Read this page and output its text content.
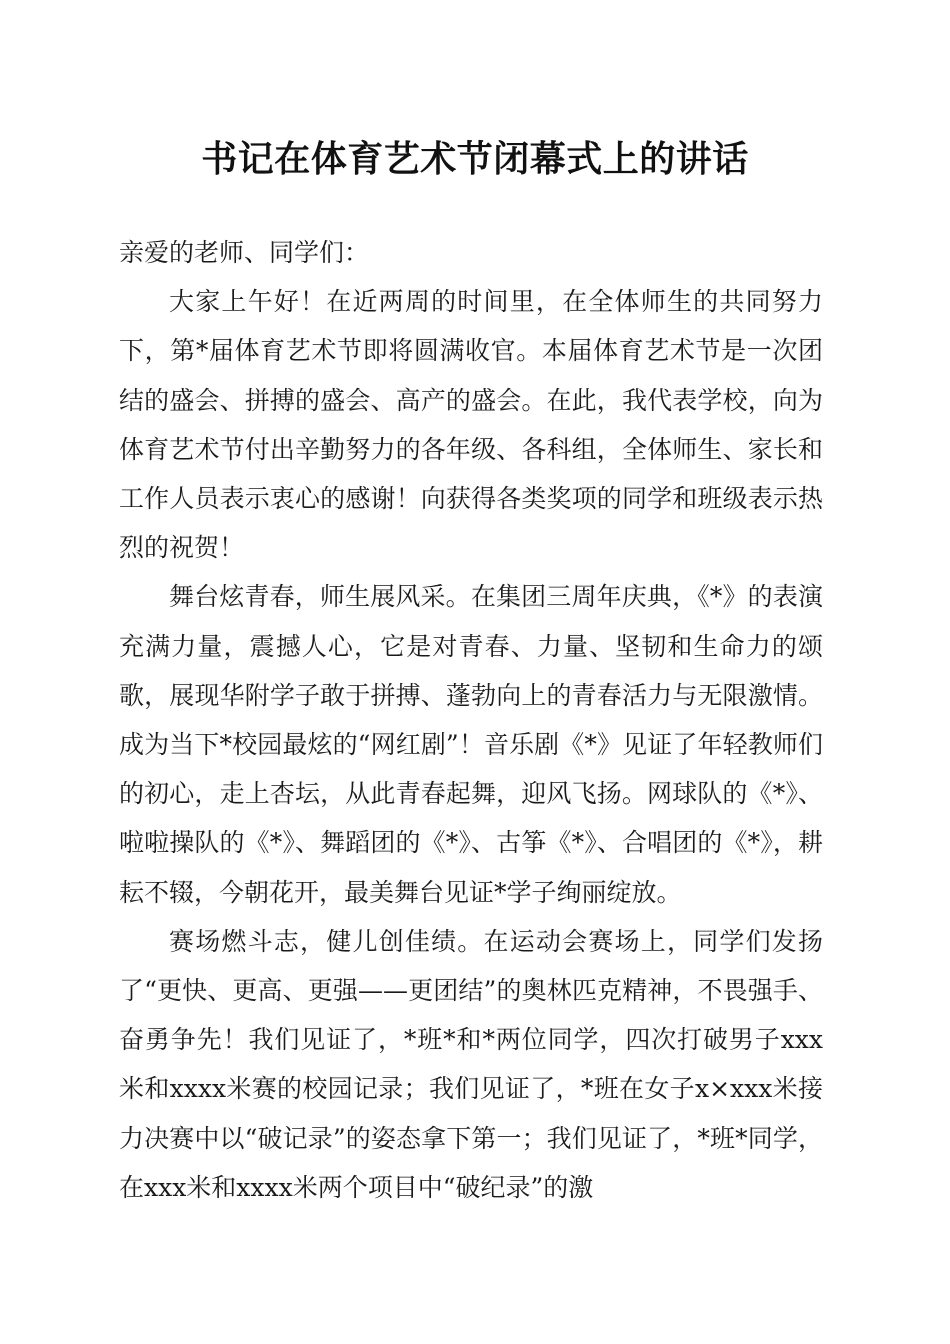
书记在体育艺术节闭幕式上的讲话

亲爱的老师、同学们：

大家上午好！在近两周的时间里，在全体师生的共同努力下，第*届体育艺术节即将圆满收官。本届体育艺术节是一次团结的盛会、拼搏的盛会、高产的盛会。在此，我代表学校，向为体育艺术节付出辛勤努力的各年级、各科组，全体师生、家长和工作人员表示衷心的感谢！向获得各类奖项的同学和班级表示热烈的祝贺！

舞台炫青春，师生展风采。在集团三周年庆典，《*》的表演充满力量，震撼人心，它是对青春、力量、坚韧和生命力的颂歌，展现华附学子敢于拼搏、蓬勃向上的青春活力与无限激情。成为当下*校园最炫的“网红剧”！音乐剧《*》见证了年轻教师们的初心，走上杏坛，从此青春起舞，迎风飞扬。网球队的《*》、啦啦操队的《*》、舞蹈团的《*》、古筝《*》、合唱团的《*》，耕耘不辍，今朝花开，最美舞台见证*学子绚丽绽放。

赛场燃斗志，健儿创佳绩。在运动会赛场上，同学们发扬了“更快、更高、更强——更团结”的奥林匹克精神，不畏强手、奋勇争先！我们见证了，*班*和*两位同学，四次打破男子xxx米和xxxx米赛的校园记录；我们见证了，*班在女子x×xxx米接力决赛中以“破记录”的姿态拿下第一；我们见证了，*班*同学，在xxx米和xxxx米两个项目中“破纪录”的激
